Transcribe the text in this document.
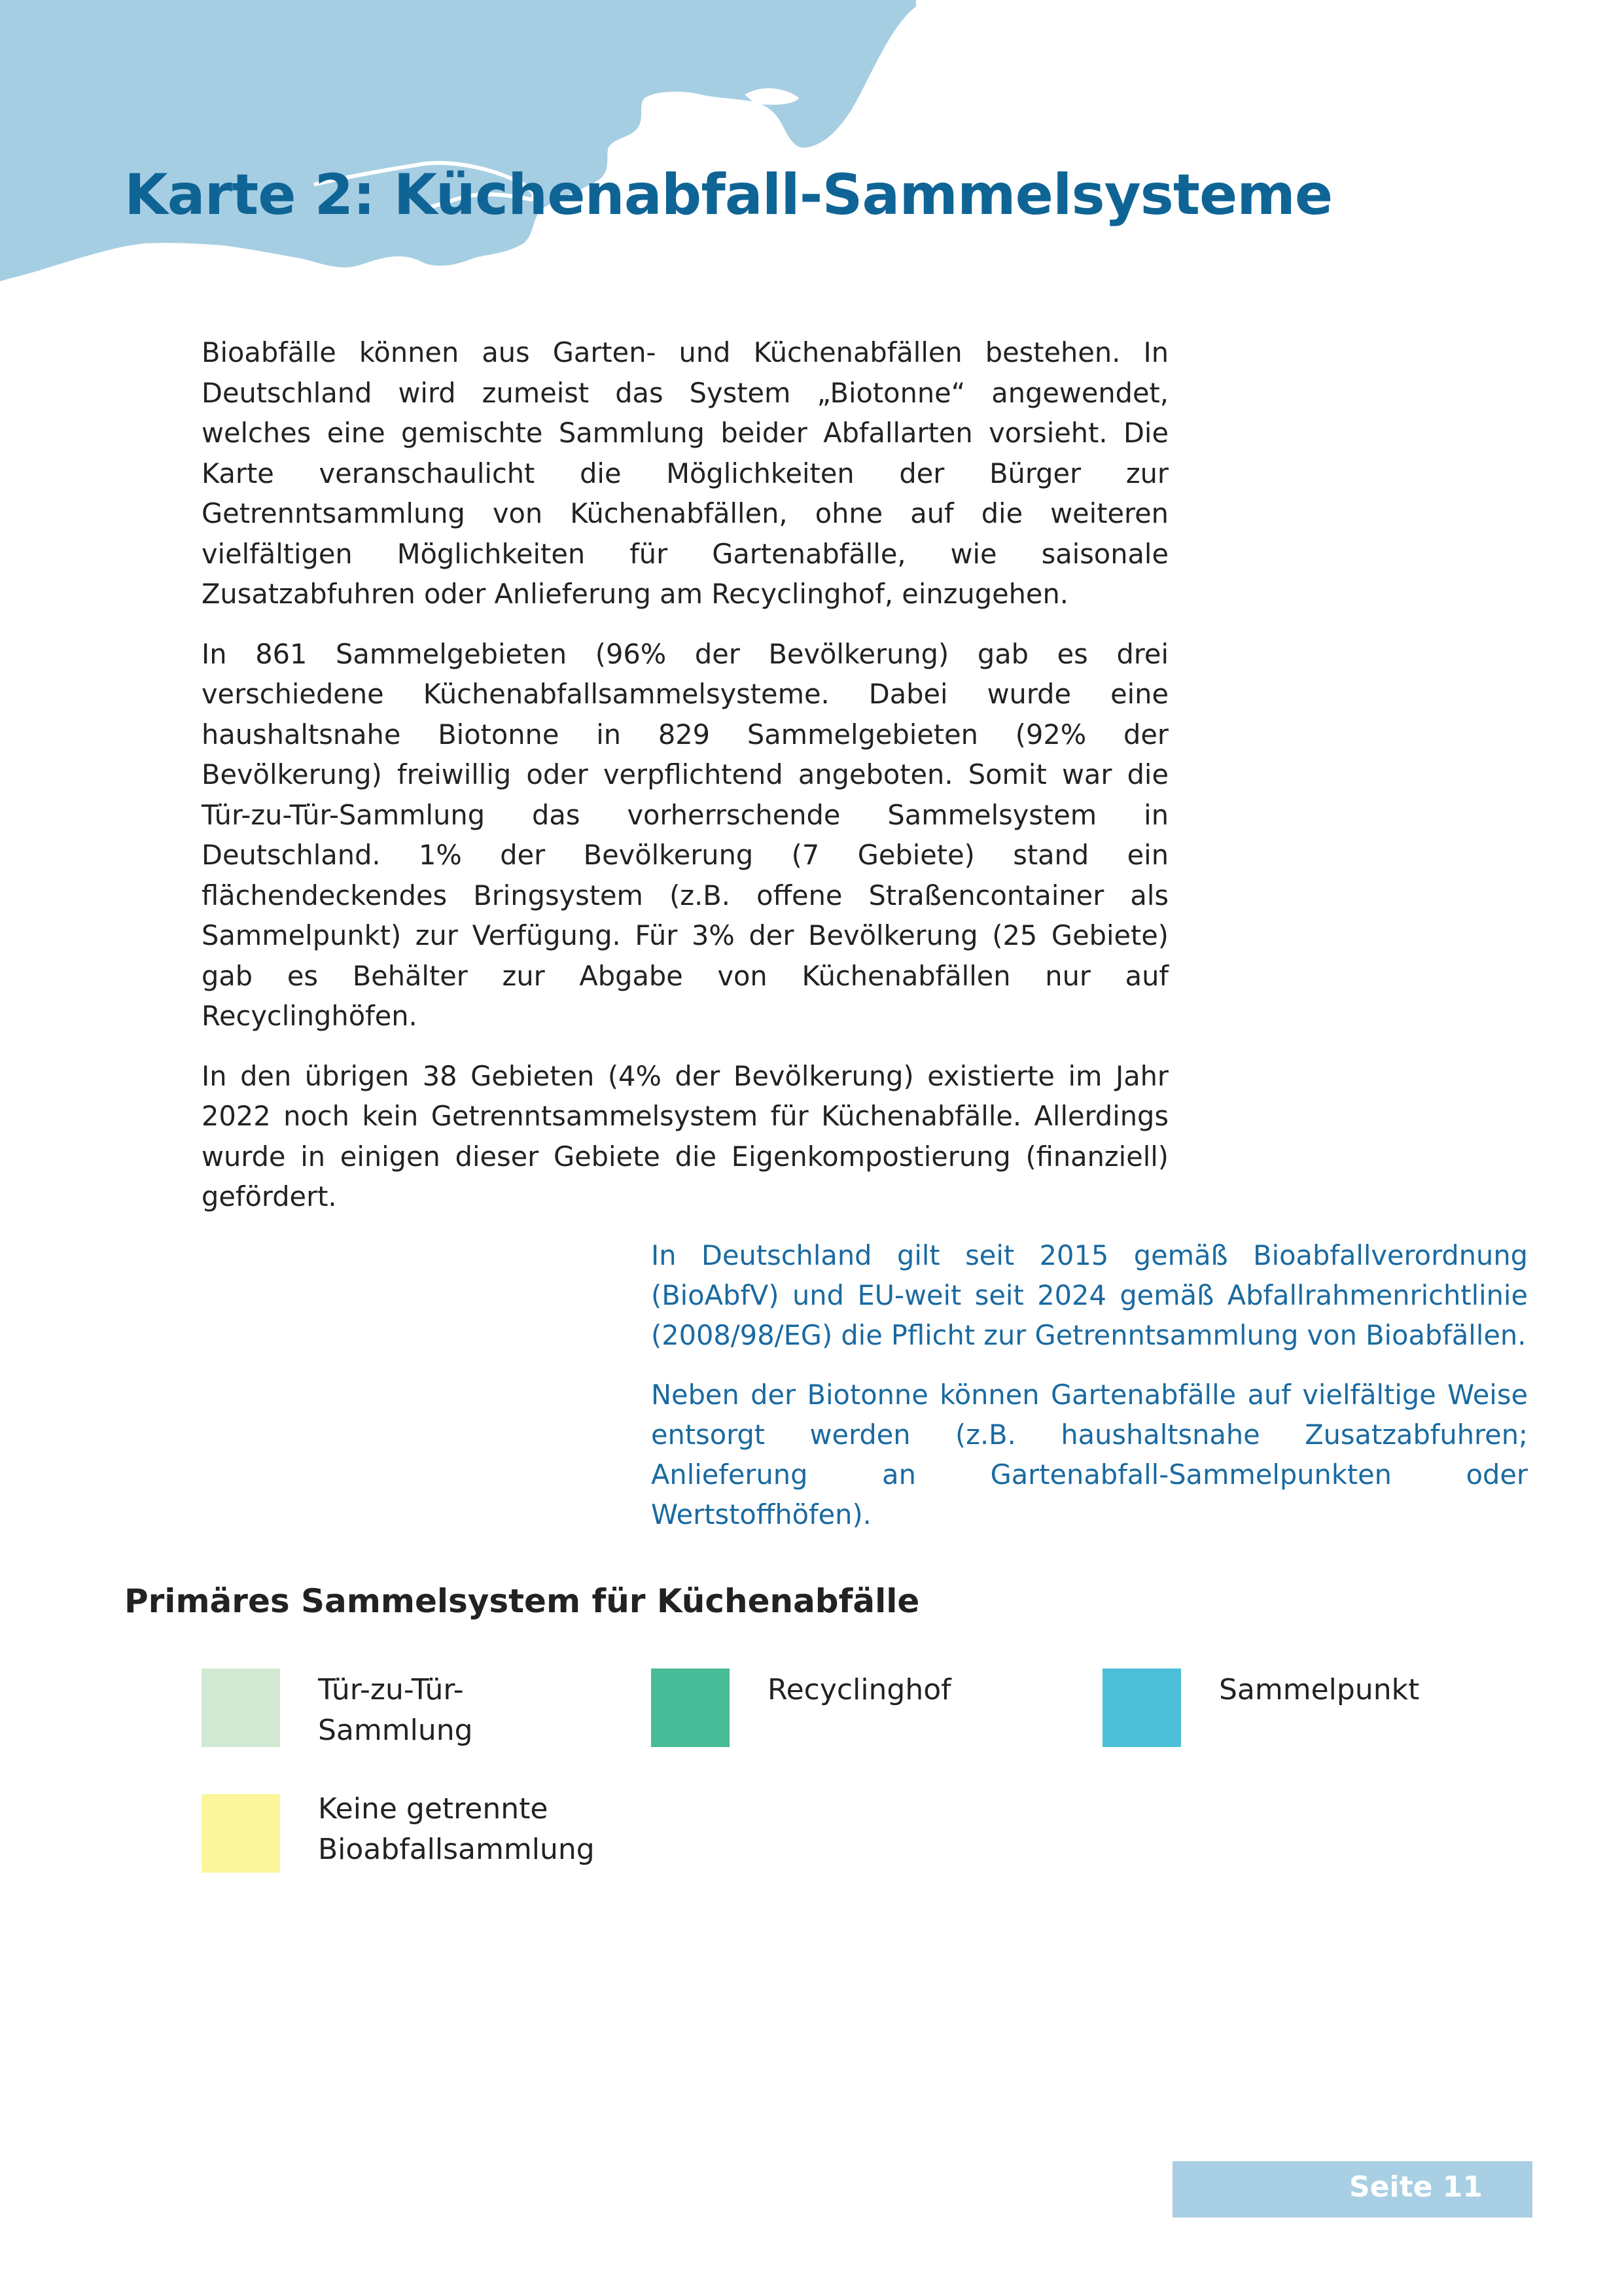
Karte 2: Küchenabfall-Sammelsysteme

Bioabfälle können aus Garten- und Küchenabfällen bestehen. In Deutschland wird zumeist das System „Biotonne“ angewendet, welches eine gemischte Sammlung beider Abfallarten vorsieht. Die Karte veranschaulicht die Möglichkeiten der Bürger zur Getrenntsammlung von Küchenabfällen, ohne auf die weiteren vielfältigen Möglichkeiten für Gartenabfälle, wie saisonale Zusatzabfuhren oder Anlieferung am Recyclinghof, einzugehen.

In 861 Sammelgebieten (96% der Bevölkerung) gab es drei verschiedene Küchenabfallsammelsysteme. Dabei wurde eine haushaltsnahe Biotonne in 829 Sammelgebieten (92% der Bevölkerung) freiwillig oder verpflichtend angeboten. Somit war die Tür-zu-Tür-Sammlung das vorherrschende Sammelsystem in Deutschland. 1% der Bevölkerung (7 Gebiete) stand ein flächendeckendes Bringsystem (z.B. offene Straßencontainer als Sammelpunkt) zur Verfügung. Für 3% der Bevölkerung (25 Gebiete) gab es Behälter zur Abgabe von Küchenabfällen nur auf Recyclinghöfen.

In den übrigen 38 Gebieten (4% der Bevölkerung) existierte im Jahr 2022 noch kein Getrenntsammelsystem für Küchenabfälle. Allerdings wurde in einigen dieser Gebiete die Eigenkompostierung (finanziell) gefördert.

In Deutschland gilt seit 2015 gemäß Bioabfallverordnung (BioAbfV) und EU-weit seit 2024 gemäß Abfallrahmenrichtlinie (2008/98/EG) die Pflicht zur Getrenntsammlung von Bioabfällen.

Neben der Biotonne können Gartenabfälle auf vielfältige Weise entsorgt werden (z.B. haushaltsnahe Zusatzabfuhren; Anlieferung an Gartenabfall-Sammelpunkten oder Wertstoffhöfen).

Primäres Sammelsystem für Küchenabfälle
Tür-zu-Tür-Sammlung
Recyclinghof	Sammelpunkt
Keine getrennte
Bioabfallsammlung
Seite 11
